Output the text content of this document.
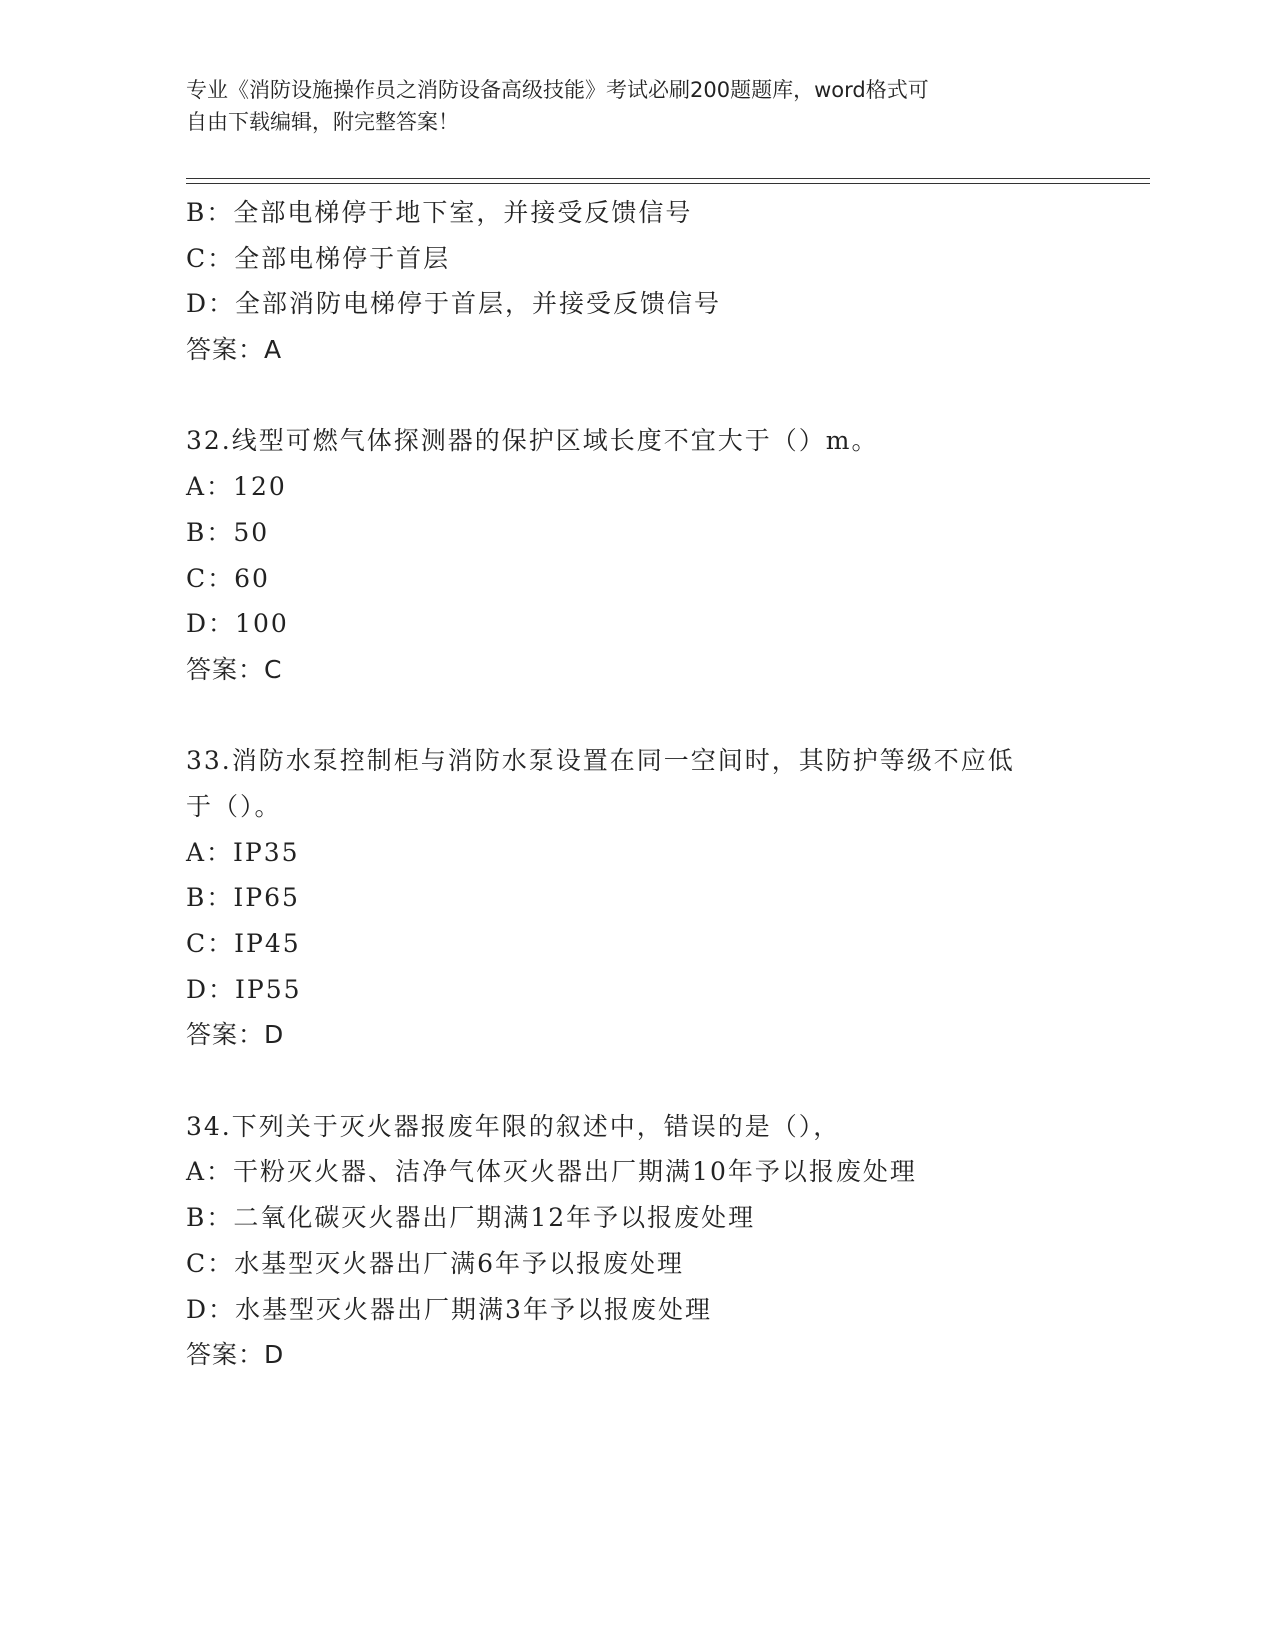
专业《消防设施操作员之消防设备高级技能》考试必刷200题题库，word格式可
自由下载编辑，附完整答案！
B：全部电梯停于地下室，并接受反馈信号
C：全部电梯停于首层
D：全部消防电梯停于首层，并接受反馈信号
答案：A
32.线型可燃气体探测器的保护区域长度不宜大于（）m。
A：120
B：50
C：60
D：100
答案：C
33.消防水泵控制柜与消防水泵设置在同一空间时，其防护等级不应低
于（）。
A：IP35
B：IP65
C：IP45
D：IP55
答案：D
34.下列关于灭火器报废年限的叙述中，错误的是（），
A：干粉灭火器、洁净气体灭火器出厂期满10年予以报废处理
B：二氧化碳灭火器出厂期满12年予以报废处理
C：水基型灭火器出厂满6年予以报废处理
D：水基型灭火器出厂期满3年予以报废处理
答案：D
